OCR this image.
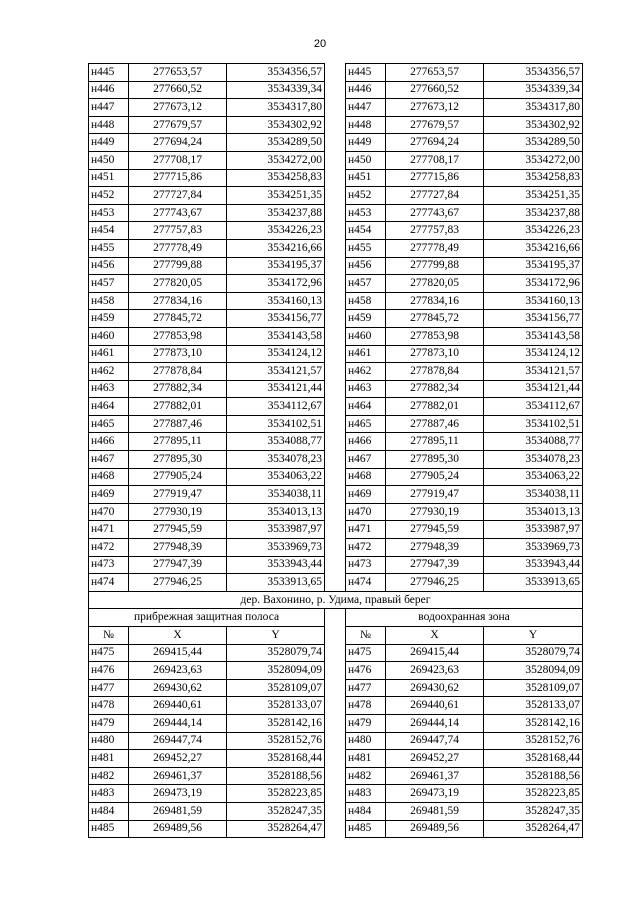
20
н445	277653,57	3534356,57		н445	277653,57	3534356,57
н446	277660,52	3534339,34		н446	277660,52	3534339,34
н447	277673,12	3534317,80		н447	277673,12	3534317,80
н448	277679,57	3534302,92		н448	277679,57	3534302,92
н449	277694,24	3534289,50		н449	277694,24	3534289,50
н450	277708,17	3534272,00		н450	277708,17	3534272,00
н451	277715,86	3534258,83		н451	277715,86	3534258,83
н452	277727,84	3534251,35		н452	277727,84	3534251,35
н453	277743,67	3534237,88		н453	277743,67	3534237,88
н454	277757,83	3534226,23		н454	277757,83	3534226,23
н455	277778,49	3534216,66		н455	277778,49	3534216,66
н456	277799,88	3534195,37		н456	277799,88	3534195,37
н457	277820,05	3534172,96		н457	277820,05	3534172,96
н458	277834,16	3534160,13		н458	277834,16	3534160,13
н459	277845,72	3534156,77		н459	277845,72	3534156,77
н460	277853,98	3534143,58		н460	277853,98	3534143,58
н461	277873,10	3534124,12		н461	277873,10	3534124,12
н462	277878,84	3534121,57		н462	277878,84	3534121,57
н463	277882,34	3534121,44		н463	277882,34	3534121,44
н464	277882,01	3534112,67		н464	277882,01	3534112,67
н465	277887,46	3534102,51		н465	277887,46	3534102,51
н466	277895,11	3534088,77		н466	277895,11	3534088,77
н467	277895,30	3534078,23		н467	277895,30	3534078,23
н468	277905,24	3534063,22		н468	277905,24	3534063,22
н469	277919,47	3534038,11		н469	277919,47	3534038,11
н470	277930,19	3534013,13		н470	277930,19	3534013,13
н471	277945,59	3533987,97		н471	277945,59	3533987,97
н472	277948,39	3533969,73		н472	277948,39	3533969,73
н473	277947,39	3533943,44		н473	277947,39	3533943,44
н474	277946,25	3533913,65		н474	277946,25	3533913,65
дер. Вахонино, р. Удима, правый берег						
прибрежная защитная полоса				водоохранная зона		
№	X	Y		№	X	Y
н475	269415,44	3528079,74		н475	269415,44	3528079,74
н476	269423,63	3528094,09		н476	269423,63	3528094,09
н477	269430,62	3528109,07		н477	269430,62	3528109,07
н478	269440,61	3528133,07		н478	269440,61	3528133,07
н479	269444,14	3528142,16		н479	269444,14	3528142,16
н480	269447,74	3528152,76		н480	269447,74	3528152,76
н481	269452,27	3528168,44		н481	269452,27	3528168,44
н482	269461,37	3528188,56		н482	269461,37	3528188,56
н483	269473,19	3528223,85		н483	269473,19	3528223,85
н484	269481,59	3528247,35		н484	269481,59	3528247,35
н485	269489,56	3528264,47		н485	269489,56	3528264,47
